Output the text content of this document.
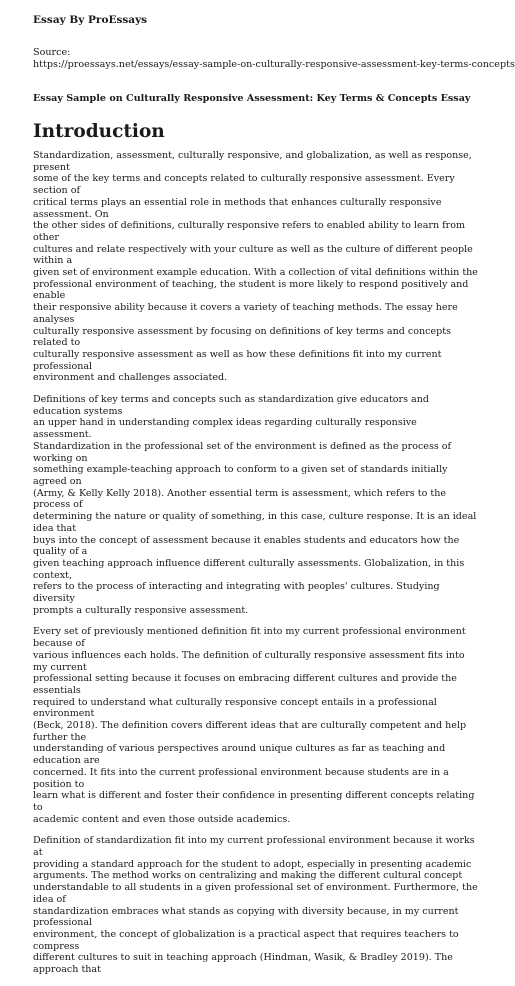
Essay By ProEssays

Source:

https://proessays.net/essays/essay-sample-on-culturally-responsive-assessment-key-terms-concepts

Essay Sample on Culturally Responsive Assessment: Key Terms & Concepts Essay

Introduction

Standardization, assessment, culturally responsive, and globalization, as well as response, present
some of the key terms and concepts related to culturally responsive assessment. Every section of
critical terms plays an essential role in methods that enhances culturally responsive assessment. On
the other sides of definitions, culturally responsive refers to enabled ability to learn from other
cultures and relate respectively with your culture as well as the culture of different people within a
given set of environment example education. With a collection of vital definitions within the
professional environment of teaching, the student is more likely to respond positively and enable
their responsive ability because it covers a variety of teaching methods. The essay here analyses
culturally responsive assessment by focusing on definitions of key terms and concepts related to
culturally responsive assessment as well as how these definitions fit into my current professional
environment and challenges associated.

Definitions of key terms and concepts such as standardization give educators and education systems
an upper hand in understanding complex ideas regarding culturally responsive assessment.
Standardization in the professional set of the environment is defined as the process of working on
something example-teaching approach to conform to a given set of standards initially agreed on
(Army, & Kelly Kelly 2018). Another essential term is assessment, which refers to the process of
determining the nature or quality of something, in this case, culture response. It is an ideal idea that
buys into the concept of assessment because it enables students and educators how the quality of a
given teaching approach influence different culturally assessments. Globalization, in this context,
refers to the process of interacting and integrating with peoples' cultures. Studying diversity
prompts a culturally responsive assessment.

Every set of previously mentioned definition fit into my current professional environment because of
various influences each holds. The definition of culturally responsive assessment fits into my current
professional setting because it focuses on embracing different cultures and provide the essentials
required to understand what culturally responsive concept entails in a professional environment
(Beck, 2018). The definition covers different ideas that are culturally competent and help further the
understanding of various perspectives around unique cultures as far as teaching and education are
concerned. It fits into the current professional environment because students are in a position to
learn what is different and foster their confidence in presenting different concepts relating to
academic content and even those outside academics.

Definition of standardization fit into my current professional environment because it works at
providing a standard approach for the student to adopt, especially in presenting academic
arguments. The method works on centralizing and making the different cultural concept
understandable to all students in a given professional set of environment. Furthermore, the idea of
standardization embraces what stands as copying with diversity because, in my current professional
environment, the concept of globalization is a practical aspect that requires teachers to compress
different cultures to suit in teaching approach (Hindman, Wasik, & Bradley 2019). The approach that
